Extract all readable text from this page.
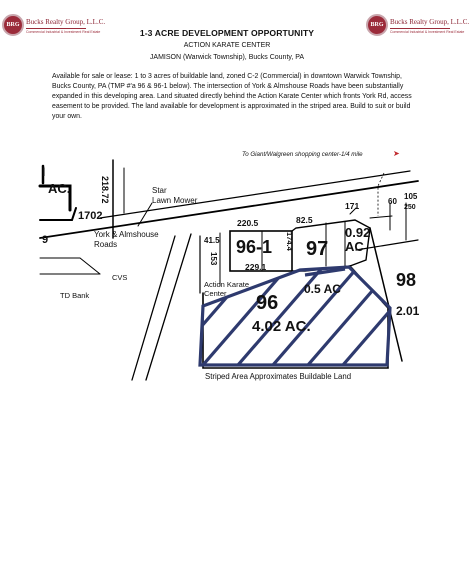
BRG Bucks Realty Group, L.L.C.
Commercial Industrial & Investment Real Estate
BRG Bucks Realty Group, L.L.C.
Commercial Industrial & Investment Real Estate
1-3 ACRE DEVELOPMENT OPPORTUNITY
ACTION KARATE CENTER
JAMISON (Warwick Township), Bucks County, PA
Available for sale or lease: 1 to 3 acres of buildable land, zoned C-2 (Commercial) in downtown Warwick Township, Bucks County, PA (TMP #'a 96 & 96-1 below). The intersection of York & Almshouse Roads have been substantially expanded in this developing area. Land situated directly behind the Action Karate Center which fronts York Rd, access easement to be provided. The land available for development is approximated in the striped area. Build to suit or build your own.
To Giant/Walgreen shopping center-1/4 mile	➤
Star
Lawn Mower
York & Almshouse
Roads
CVS
TD Bank
Action Karate
Center
AC.
1702
218.72
9
I
220.5	82.5
171	60
105
250
41.5
153
96-1
229.1
174.4 97
0.92
AC
98
0.5 AC
96
4.02 AC.
2.01
Striped Area Approximates Buildable Land
